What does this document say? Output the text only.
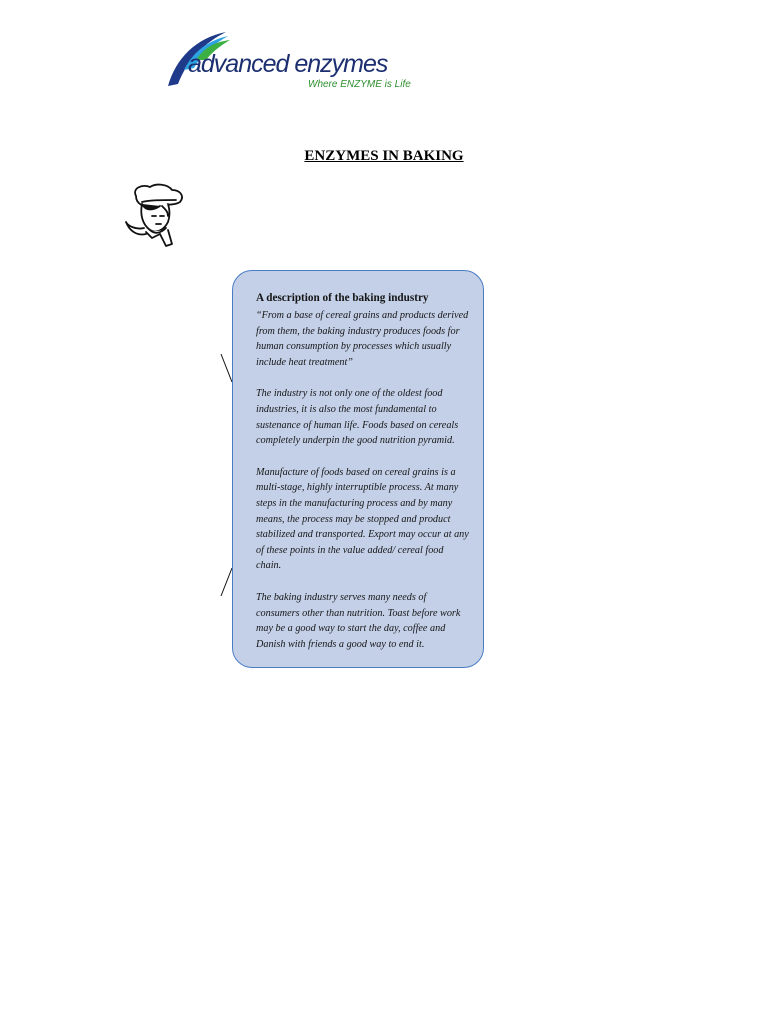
advanced enzymes
Where ENZYME is Life
ENZYMES IN BAKING
A description of the baking industry

“From a base of cereal grains and products derived from them, the baking industry produces foods for human consumption by processes which usually include heat treatment”

The industry is not only one of the oldest food industries, it is also the most fundamental to sustenance of human life. Foods based on cereals completely underpin the good nutrition pyramid.

Manufacture of foods based on cereal grains is a multi-stage, highly interruptible process. At many steps in the manufacturing process and by many means, the process may be stopped and product stabilized and transported. Export may occur at any of these points in the value added/ cereal food chain.

The baking industry serves many needs of consumers other than nutrition. Toast before work may be a good way to start the day, coffee and Danish with friends a good way to end it.
